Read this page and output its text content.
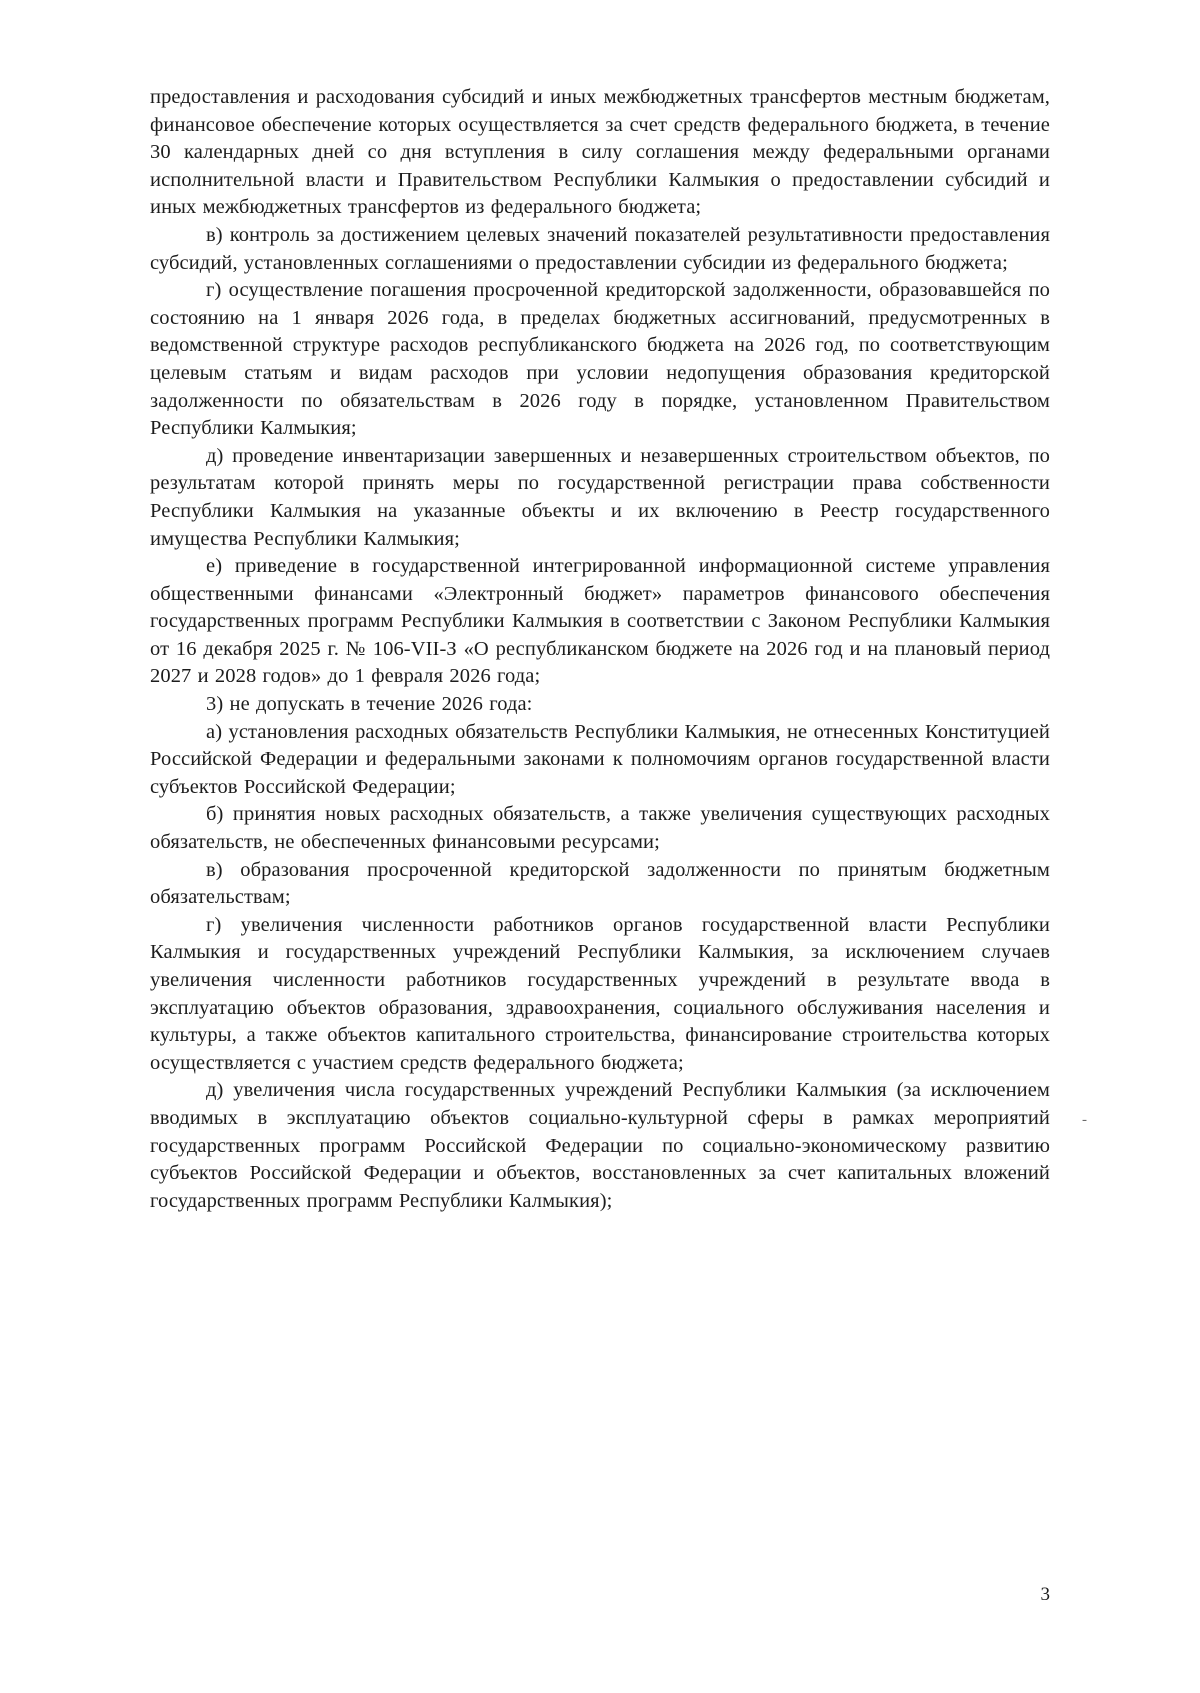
предоставления и расходования субсидий и иных межбюджетных трансфертов местным бюджетам, финансовое обеспечение которых осуществляется за счет средств федерального бюджета, в течение 30 календарных дней со дня вступления в силу соглашения между федеральными органами исполнительной власти и Правительством Республики Калмыкия о предоставлении субсидий и иных межбюджетных трансфертов из федерального бюджета;

в) контроль за достижением целевых значений показателей результативности предоставления субсидий, установленных соглашениями о предоставлении субсидии из федерального бюджета;

г) осуществление погашения просроченной кредиторской задолженности, образовавшейся по состоянию на 1 января 2026 года, в пределах бюджетных ассигнований, предусмотренных в ведомственной структуре расходов республиканского бюджета на 2026 год, по соответствующим целевым статьям и видам расходов при условии недопущения образования кредиторской задолженности по обязательствам в 2026 году в порядке, установленном Правительством Республики Калмыкия;

д) проведение инвентаризации завершенных и незавершенных строительством объектов, по результатам которой принять меры по государственной регистрации права собственности Республики Калмыкия на указанные объекты и их включению в Реестр государственного имущества Республики Калмыкия;

е) приведение в государственной интегрированной информационной системе управления общественными финансами «Электронный бюджет» параметров финансового обеспечения государственных программ Республики Калмыкия в соответствии с Законом Республики Калмыкия от 16 декабря 2025 г. № 106-VII-З «О республиканском бюджете на 2026 год и на плановый период 2027 и 2028 годов» до 1 февраля 2026 года;

3) не допускать в течение 2026 года:

а) установления расходных обязательств Республики Калмыкия, не отнесенных Конституцией Российской Федерации и федеральными законами к полномочиям органов государственной власти субъектов Российской Федерации;

б) принятия новых расходных обязательств, а также увеличения существующих расходных обязательств, не обеспеченных финансовыми ресурсами;

в) образования просроченной кредиторской задолженности по принятым бюджетным обязательствам;

г) увеличения численности работников органов государственной власти Республики Калмыкия и государственных учреждений Республики Калмыкия, за исключением случаев увеличения численности работников государственных учреждений в результате ввода в эксплуатацию объектов образования, здравоохранения, социального обслуживания населения и культуры, а также объектов капитального строительства, финансирование строительства которых осуществляется с участием средств федерального бюджета;

д) увеличения числа государственных учреждений Республики Калмыкия (за исключением вводимых в эксплуатацию объектов социально-культурной сферы в рамках мероприятий государственных программ Российской Федерации по социально-экономическому развитию субъектов Российской Федерации и объектов, восстановленных за счет капитальных вложений государственных программ Республики Калмыкия);

-
3
